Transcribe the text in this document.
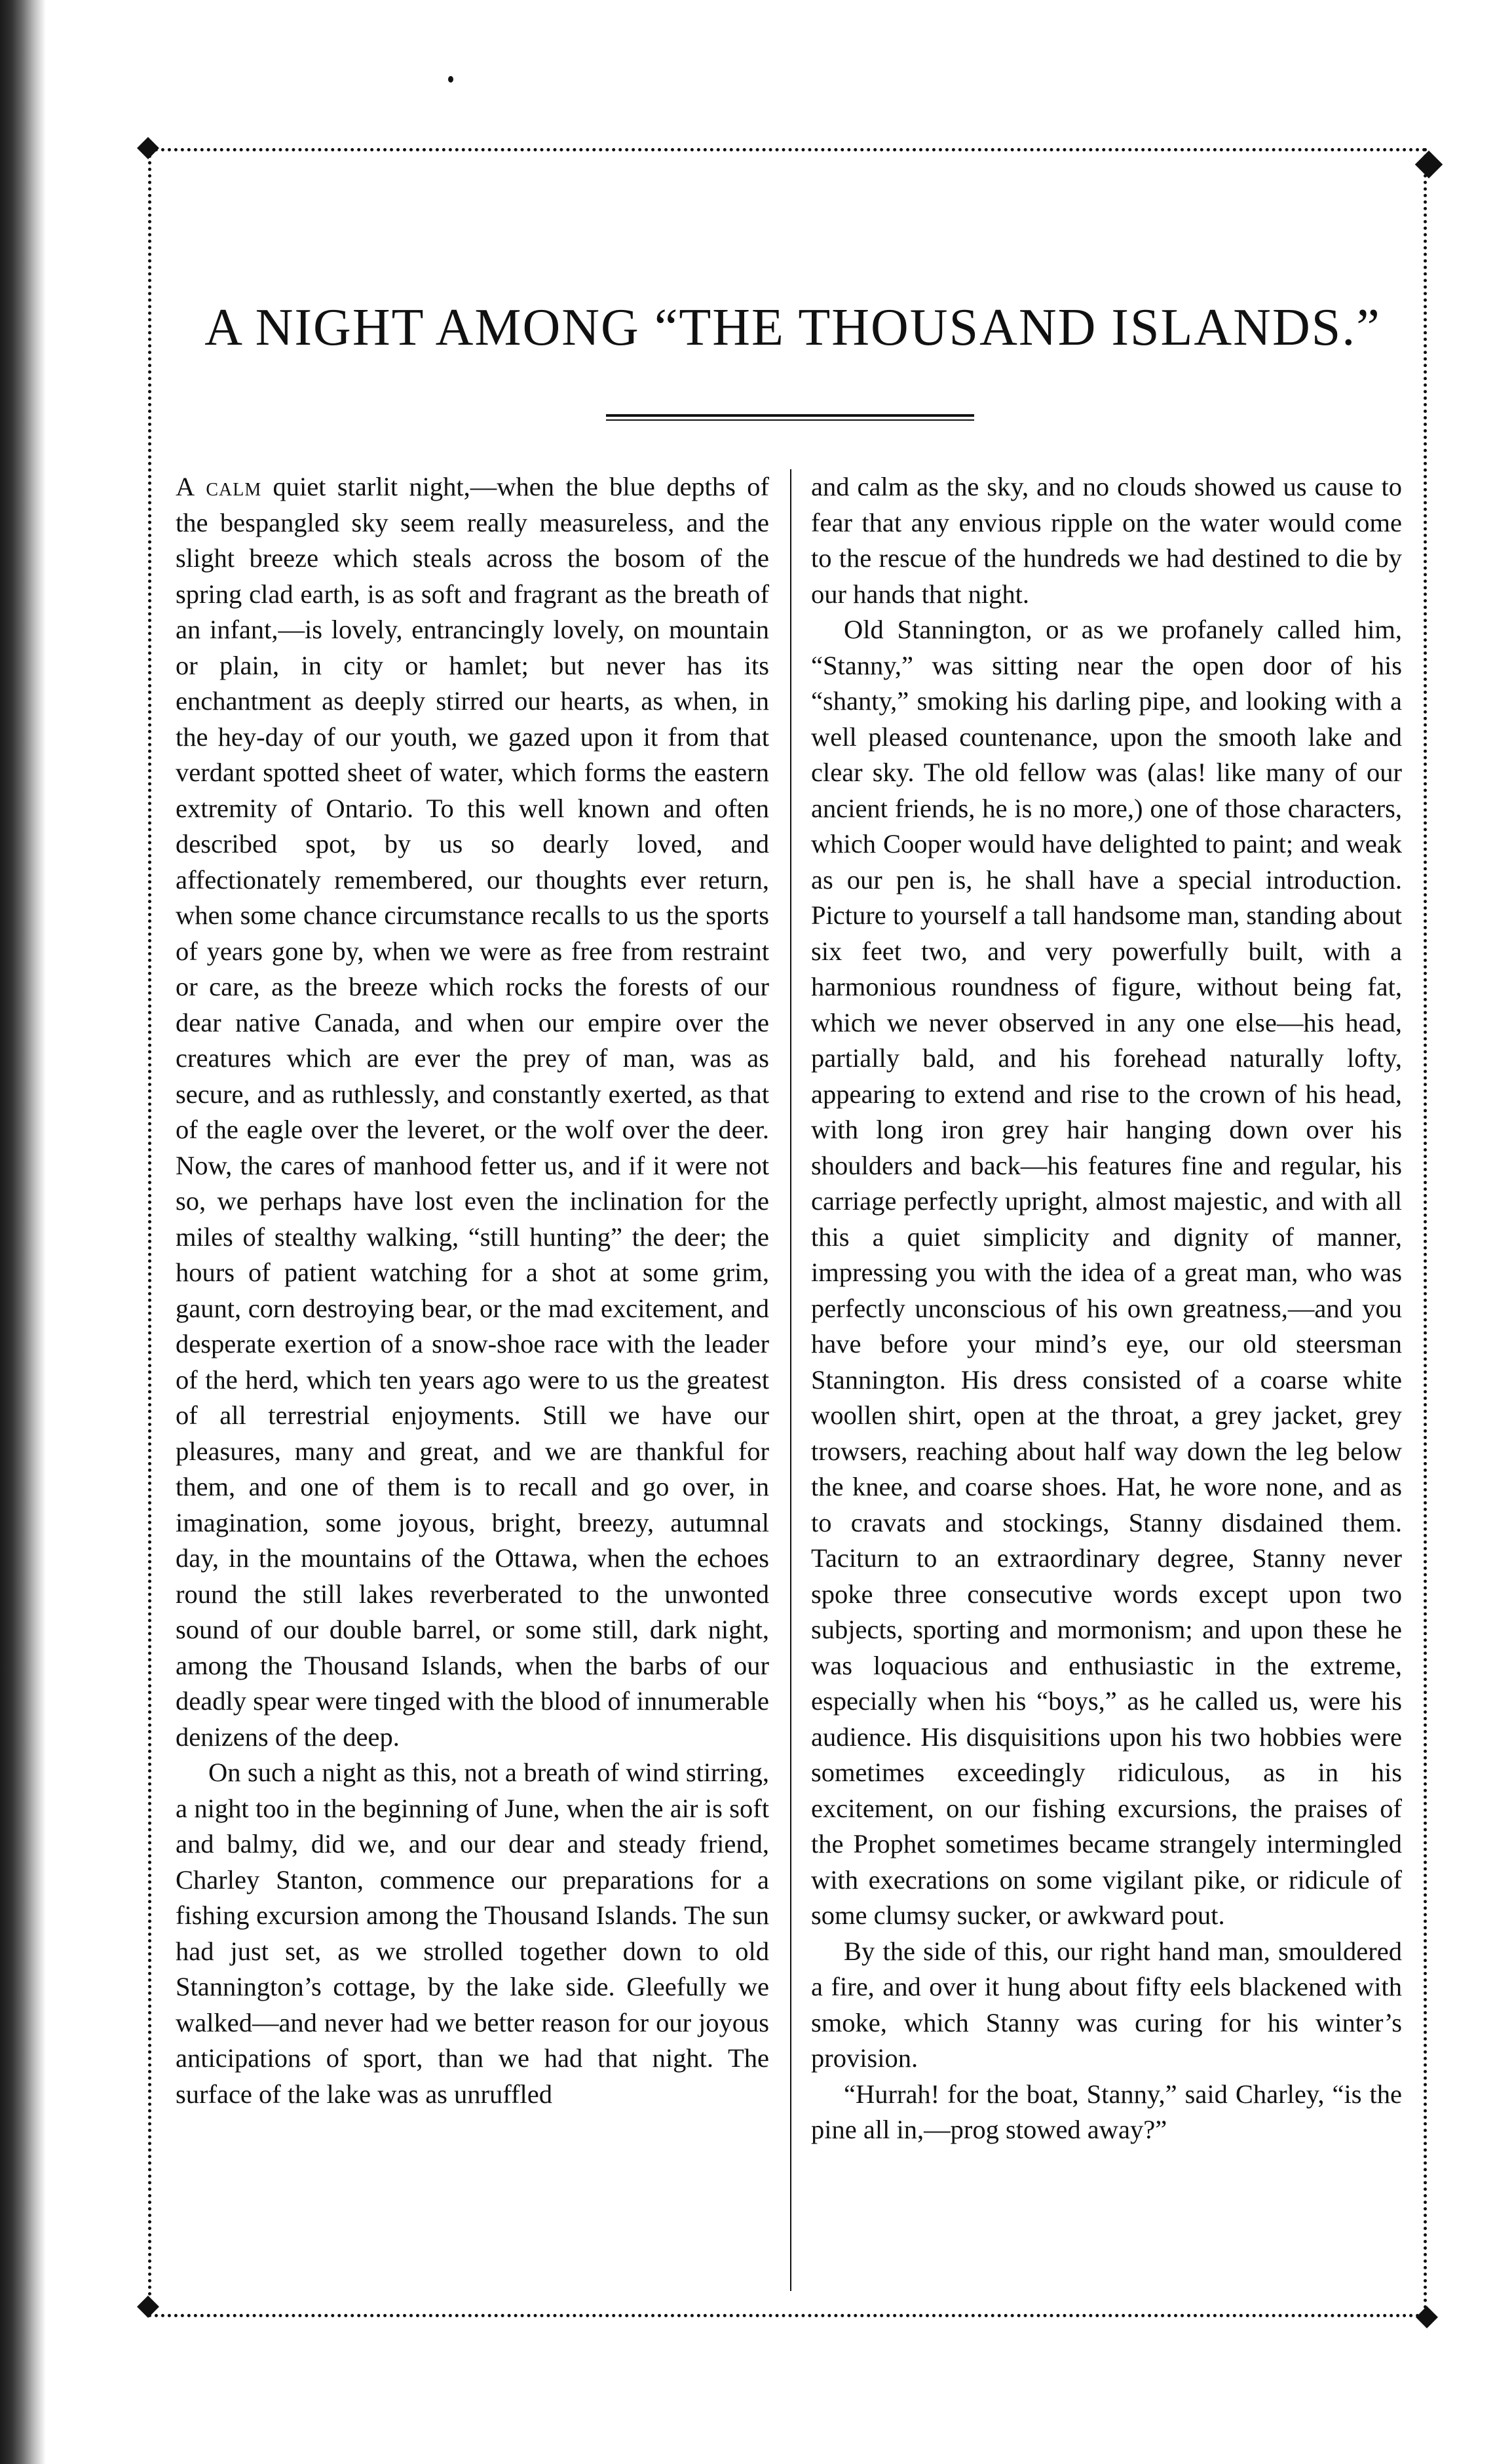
A NIGHT AMONG “THE THOUSAND ISLANDS.”

A calm quiet starlit night,—when the blue depths of the bespangled sky seem really measureless, and the slight breeze which steals across the bosom of the spring clad earth, is as soft and fragrant as the breath of an infant,—is lovely, entrancingly lovely, on mountain or plain, in city or hamlet; but never has its enchantment as deeply stirred our hearts, as when, in the hey-day of our youth, we gazed upon it from that verdant spotted sheet of water, which forms the eastern extremity of Ontario. To this well known and often described spot, by us so dearly loved, and affectionately remembered, our thoughts ever return, when some chance circumstance recalls to us the sports of years gone by, when we were as free from restraint or care, as the breeze which rocks the forests of our dear native Canada, and when our empire over the creatures which are ever the prey of man, was as secure, and as ruthlessly, and constantly exerted, as that of the eagle over the leveret, or the wolf over the deer. Now, the cares of manhood fetter us, and if it were not so, we perhaps have lost even the inclination for the miles of stealthy walking, “still hunting” the deer; the hours of patient watching for a shot at some grim, gaunt, corn destroying bear, or the mad excitement, and desperate exertion of a snow-shoe race with the leader of the herd, which ten years ago were to us the greatest of all terrestrial enjoyments. Still we have our pleasures, many and great, and we are thankful for them, and one of them is to recall and go over, in imagination, some joyous, bright, breezy, autumnal day, in the mountains of the Ottawa, when the echoes round the still lakes reverberated to the unwonted sound of our double barrel, or some still, dark night, among the Thousand Islands, when the barbs of our deadly spear were tinged with the blood of innumerable denizens of the deep.

On such a night as this, not a breath of wind stirring, a night too in the beginning of June, when the air is soft and balmy, did we, and our dear and steady friend, Charley Stanton, commence our preparations for a fishing excursion among the Thousand Islands. The sun had just set, as we strolled together down to old Stannington’s cottage, by the lake side. Gleefully we walked—and never had we better reason for our joyous anticipations of sport, than we had that night. The surface of the lake was as unruffled

and calm as the sky, and no clouds showed us cause to fear that any envious ripple on the water would come to the rescue of the hundreds we had destined to die by our hands that night.

Old Stannington, or as we profanely called him, “Stanny,” was sitting near the open door of his “shanty,” smoking his darling pipe, and looking with a well pleased countenance, upon the smooth lake and clear sky. The old fellow was (alas! like many of our ancient friends, he is no more,) one of those characters, which Cooper would have delighted to paint; and weak as our pen is, he shall have a special introduction. Picture to yourself a tall handsome man, standing about six feet two, and very powerfully built, with a harmonious roundness of figure, without being fat, which we never observed in any one else—his head, partially bald, and his forehead naturally lofty, appearing to extend and rise to the crown of his head, with long iron grey hair hanging down over his shoulders and back—his features fine and regular, his carriage perfectly upright, almost majestic, and with all this a quiet simplicity and dignity of manner, impressing you with the idea of a great man, who was perfectly unconscious of his own greatness,—and you have before your mind’s eye, our old steersman Stannington. His dress consisted of a coarse white woollen shirt, open at the throat, a grey jacket, grey trowsers, reaching about half way down the leg below the knee, and coarse shoes. Hat, he wore none, and as to cravats and stockings, Stanny disdained them. Taciturn to an extraordinary degree, Stanny never spoke three consecutive words except upon two subjects, sporting and mormonism; and upon these he was loquacious and enthusiastic in the extreme, especially when his “boys,” as he called us, were his audience. His disquisitions upon his two hobbies were sometimes exceedingly ridiculous, as in his excitement, on our fishing excursions, the praises of the Prophet sometimes became strangely intermingled with execrations on some vigilant pike, or ridicule of some clumsy sucker, or awkward pout.

By the side of this, our right hand man, smouldered a fire, and over it hung about fifty eels blackened with smoke, which Stanny was curing for his winter’s provision.

“Hurrah! for the boat, Stanny,” said Charley, “is the pine all in,—prog stowed away?”
